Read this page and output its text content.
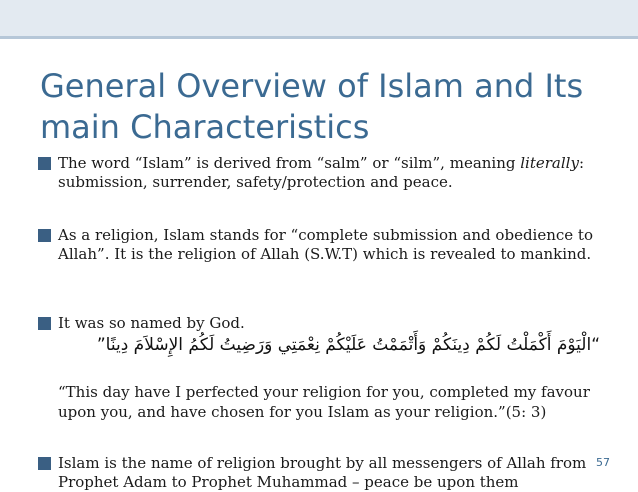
General Overview of Islam and Its main Characteristics
The word “Islam” is derived from “salm” or “silm”, meaning literally: submission, surrender, safety/protection and peace.
As a religion, Islam stands for “complete submission and obedience to Allah”. It is the religion of Allah (S.W.T) which is revealed to mankind.
It was so named by God.
“الْيَوْمَ أَكْمَلْتُ لَكُمْ دِينَكُمْ وَأَتْمَمْتُ عَلَيْكُمْ نِعْمَتِي وَرَضِيتُ لَكُمُ الإِسْلاَمَ دِينًا”
“This day have I perfected your religion for you, completed my favour upon you, and have chosen for you Islam as your religion.”(5: 3)
Islam is the name of religion brought by all messengers of Allah from Prophet Adam to Prophet Muhammad – peace be upon them
57
